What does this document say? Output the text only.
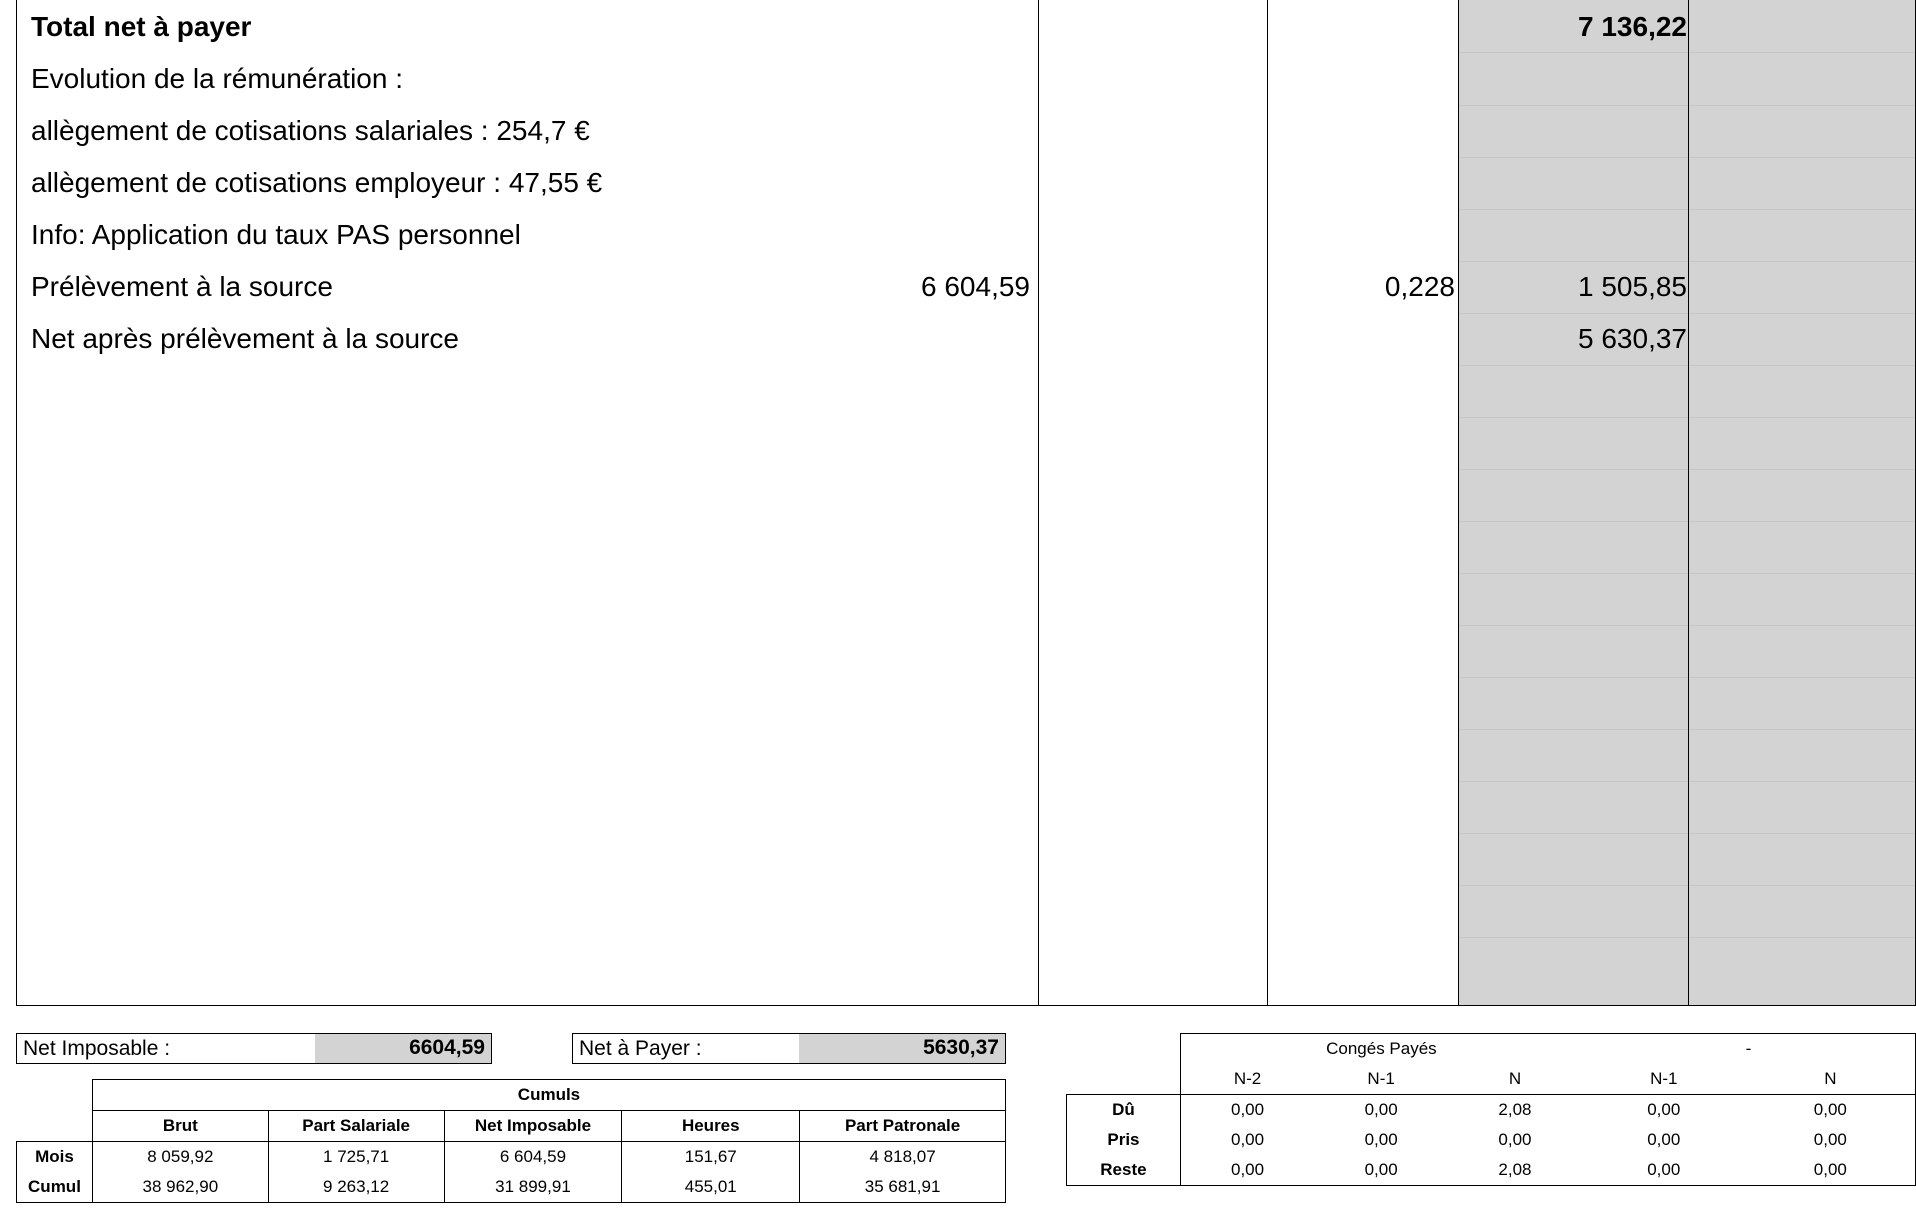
Total net à payer	7 136,22
Evolution de la rémunération :
allègement de cotisations salariales : 254,7 €
allègement de cotisations employeur : 47,55 €
Info: Application du taux PAS personnel
Prélèvement à la source	6 604,59	0,228	1 505,85
Net après prélèvement à la source	5 630,37
Net Imposable :	6604,59	Net à Payer :	5630,37
	Cumuls				
	Brut	Part Salariale	Net Imposable	Heures	Part Patronale
Mois	8 059,92	1 725,71	6 604,59	151,67	4 818,07
Cumul	38 962,90	9 263,12	31 899,91	455,01	35 681,91
	Congés Payés			-	
	N-2	N-1	N	N-1	N
Dû	0,00	0,00	2,08	0,00	0,00
Pris	0,00	0,00	0,00	0,00	0,00
Reste	0,00	0,00	2,08	0,00	0,00
